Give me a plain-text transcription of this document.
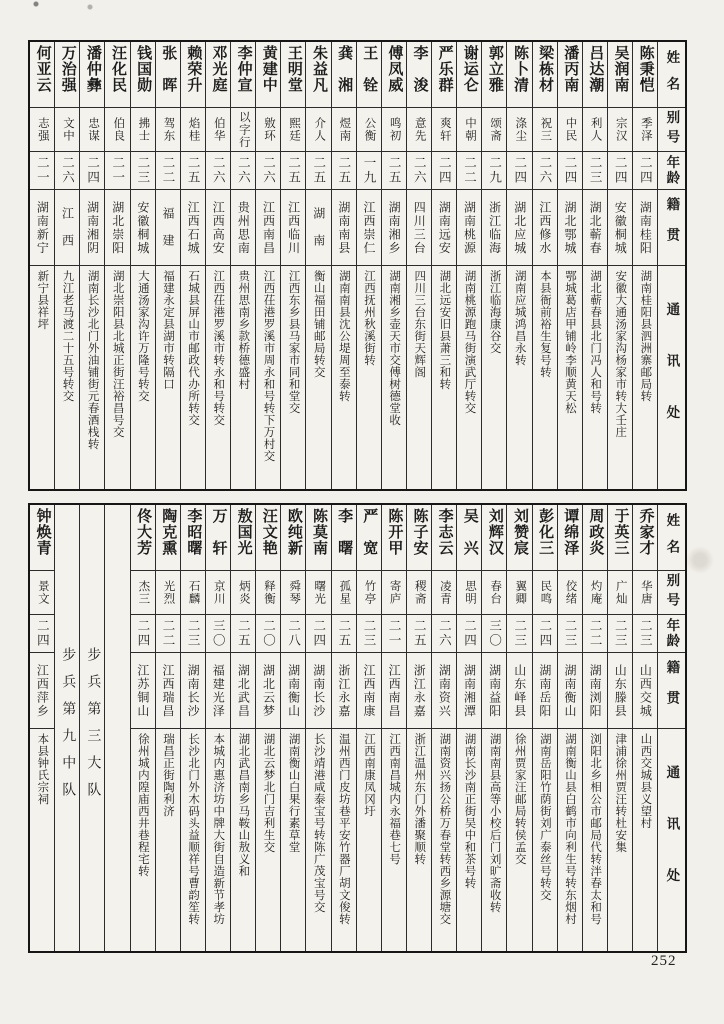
何亚云
志强
二一
湖南新宁
新宁县祥坪
万治强
文中
二六
江　西
九江老马渡二十五号转交
潘仲彝
忠谋
二四
湖南湘阴
湖南长沙北门外油铺街元春酒栈转
汪化民
伯良
二一
湖北崇阳
湖北崇阳县北城正街汪裕昌号交
钱国勋
拂士
二三
安徽桐城
大通汤家沟许万隆号转交
张　晖
驾东
二二
福　建
福建永定县湖市转隔口
赖荣升
焰桂
二五
江西石城
石城县屏山市邮政代办所转交
邓光庭
伯华
二六
江西高安
江西茌港罗溪市转永和号转交
李仲宣
以字行
二六
贵州思南
贵州思南乡款桥德盛村
黄建中
敫环
二六
江西南昌
江西茌港罗溪市周永和号转下万村交
王明堂
熙廷
二五
江西临川
江西东乡县马家市同和堂交
朱益凡
介人
二五
湖　南
衡山福田铺邮局转交
龚　湘
煜南
二五
湖南南县
湖南南县沈公堤周至泰转
王　铨
公衡
一九
江西崇仁
江西抚州秋溪街转
傅凤威
鸣初
二五
湖南湘乡
湖南湘乡壶天市交傅树德堂收
李　浚
意先
二六
四川三台
四川三台东街天辉阁
严乐群
爽轩
二四
湖南远安
湖北远安旧县萧三和转
谢运仑
中朝
二二
湖南桃源
湖南桃源跑马街演武厅转交
郭立雅
颂斋
二九
浙江临海
浙江临海康谷交
陈卜清
涤尘
二四
湖北应城
湖南应城鸿昌永转
梁栋材
祝三
二六
江西修水
本县衙前裕生复号转
潘丙南
中民
二四
湖北鄂城
鄂城葛店甲铺岭李顺黄天松
吕达潮
利人
二三
湖北蕲春
湖北蕲春县北门冯人和号转
吴润南
宗汉
二四
安徽桐城
安徽大通汤家沟杨家市转大壬庄
陈秉恺
季泽
二四
湖南桂阳
湖南桂阳县泗洲寨邮局转
姓名
别号
年龄
籍贯
通讯处
钟焕青
景文
二四
江西萍乡
本县钟氏宗祠 步兵第九中队 步兵第三大队
佟大芳
杰三
二四
江苏铜山
徐州城内隍庙西井巷程宅转
陶克熏
光烈
二二
江西瑞昌
瑞昌正街陶利济
李昭曙
石麟
二三
湖南长沙
长沙北门外木码头益顺祥号曹韵笙转
万　轩
京川
三〇
福建光泽
本城内惠济坊中牌大街自造新节孝坊
敖国光
炳炎
二五
湖北武昌
湖北武昌南乡马鞍山敖义和
汪文艳
释衡
二〇
湖北云梦
湖北云梦北门吉利生交
欧纯新
舜琴
二八
湖南衡山
湖南衡山白果行素草堂
陈莫南
曙光
二四
湖南长沙
长沙靖港咸泰宝号转陈广茂宝号交
李　曙
孤星
二五
浙江永嘉
温州西门皮坊巷平安竹器厂胡文俊转
严　宽
竹亭
二三
江西南康
江西南康凤冈圩
陈开甲
寄庐
二一
江西南昌
江西南昌城内永福巷七号
陈子安
稷斋
二五
浙江永嘉
浙江温州东门外潘聚顺转
李志云
凌青
二六
湖南资兴
湖南资兴扬公桥万春堂转西乡源塘交
吴　兴
思明
二四
湖南湘潭
湖南长沙南正街吴中和茶号转
刘辉汉
春台
三〇
湖南益阳
湖南南县高等小校后门刘旷斋收转
刘赞宸
翼卿
二三
山东峄县
徐州贾家汪邮局转侯孟交
彭化三
民鸣
二四
湖南岳阳
湖南岳阳竹荫街刘广泰丝号转交
谭绵泽
佼绪
二三
湖南衡山
湖南衡山县白鹤市向利生号转东烟村
周政炎
灼庵
二二
湖南浏阳
浏阳北乡相公市邮局代转泮春太和号
于英三
广灿
二三
山东滕县
津浦徐州贾汪转杜安集
乔家才
华唐
二三
山西交城
山西交城县义望村
姓名
别号
年龄
籍贯
通讯处
252
